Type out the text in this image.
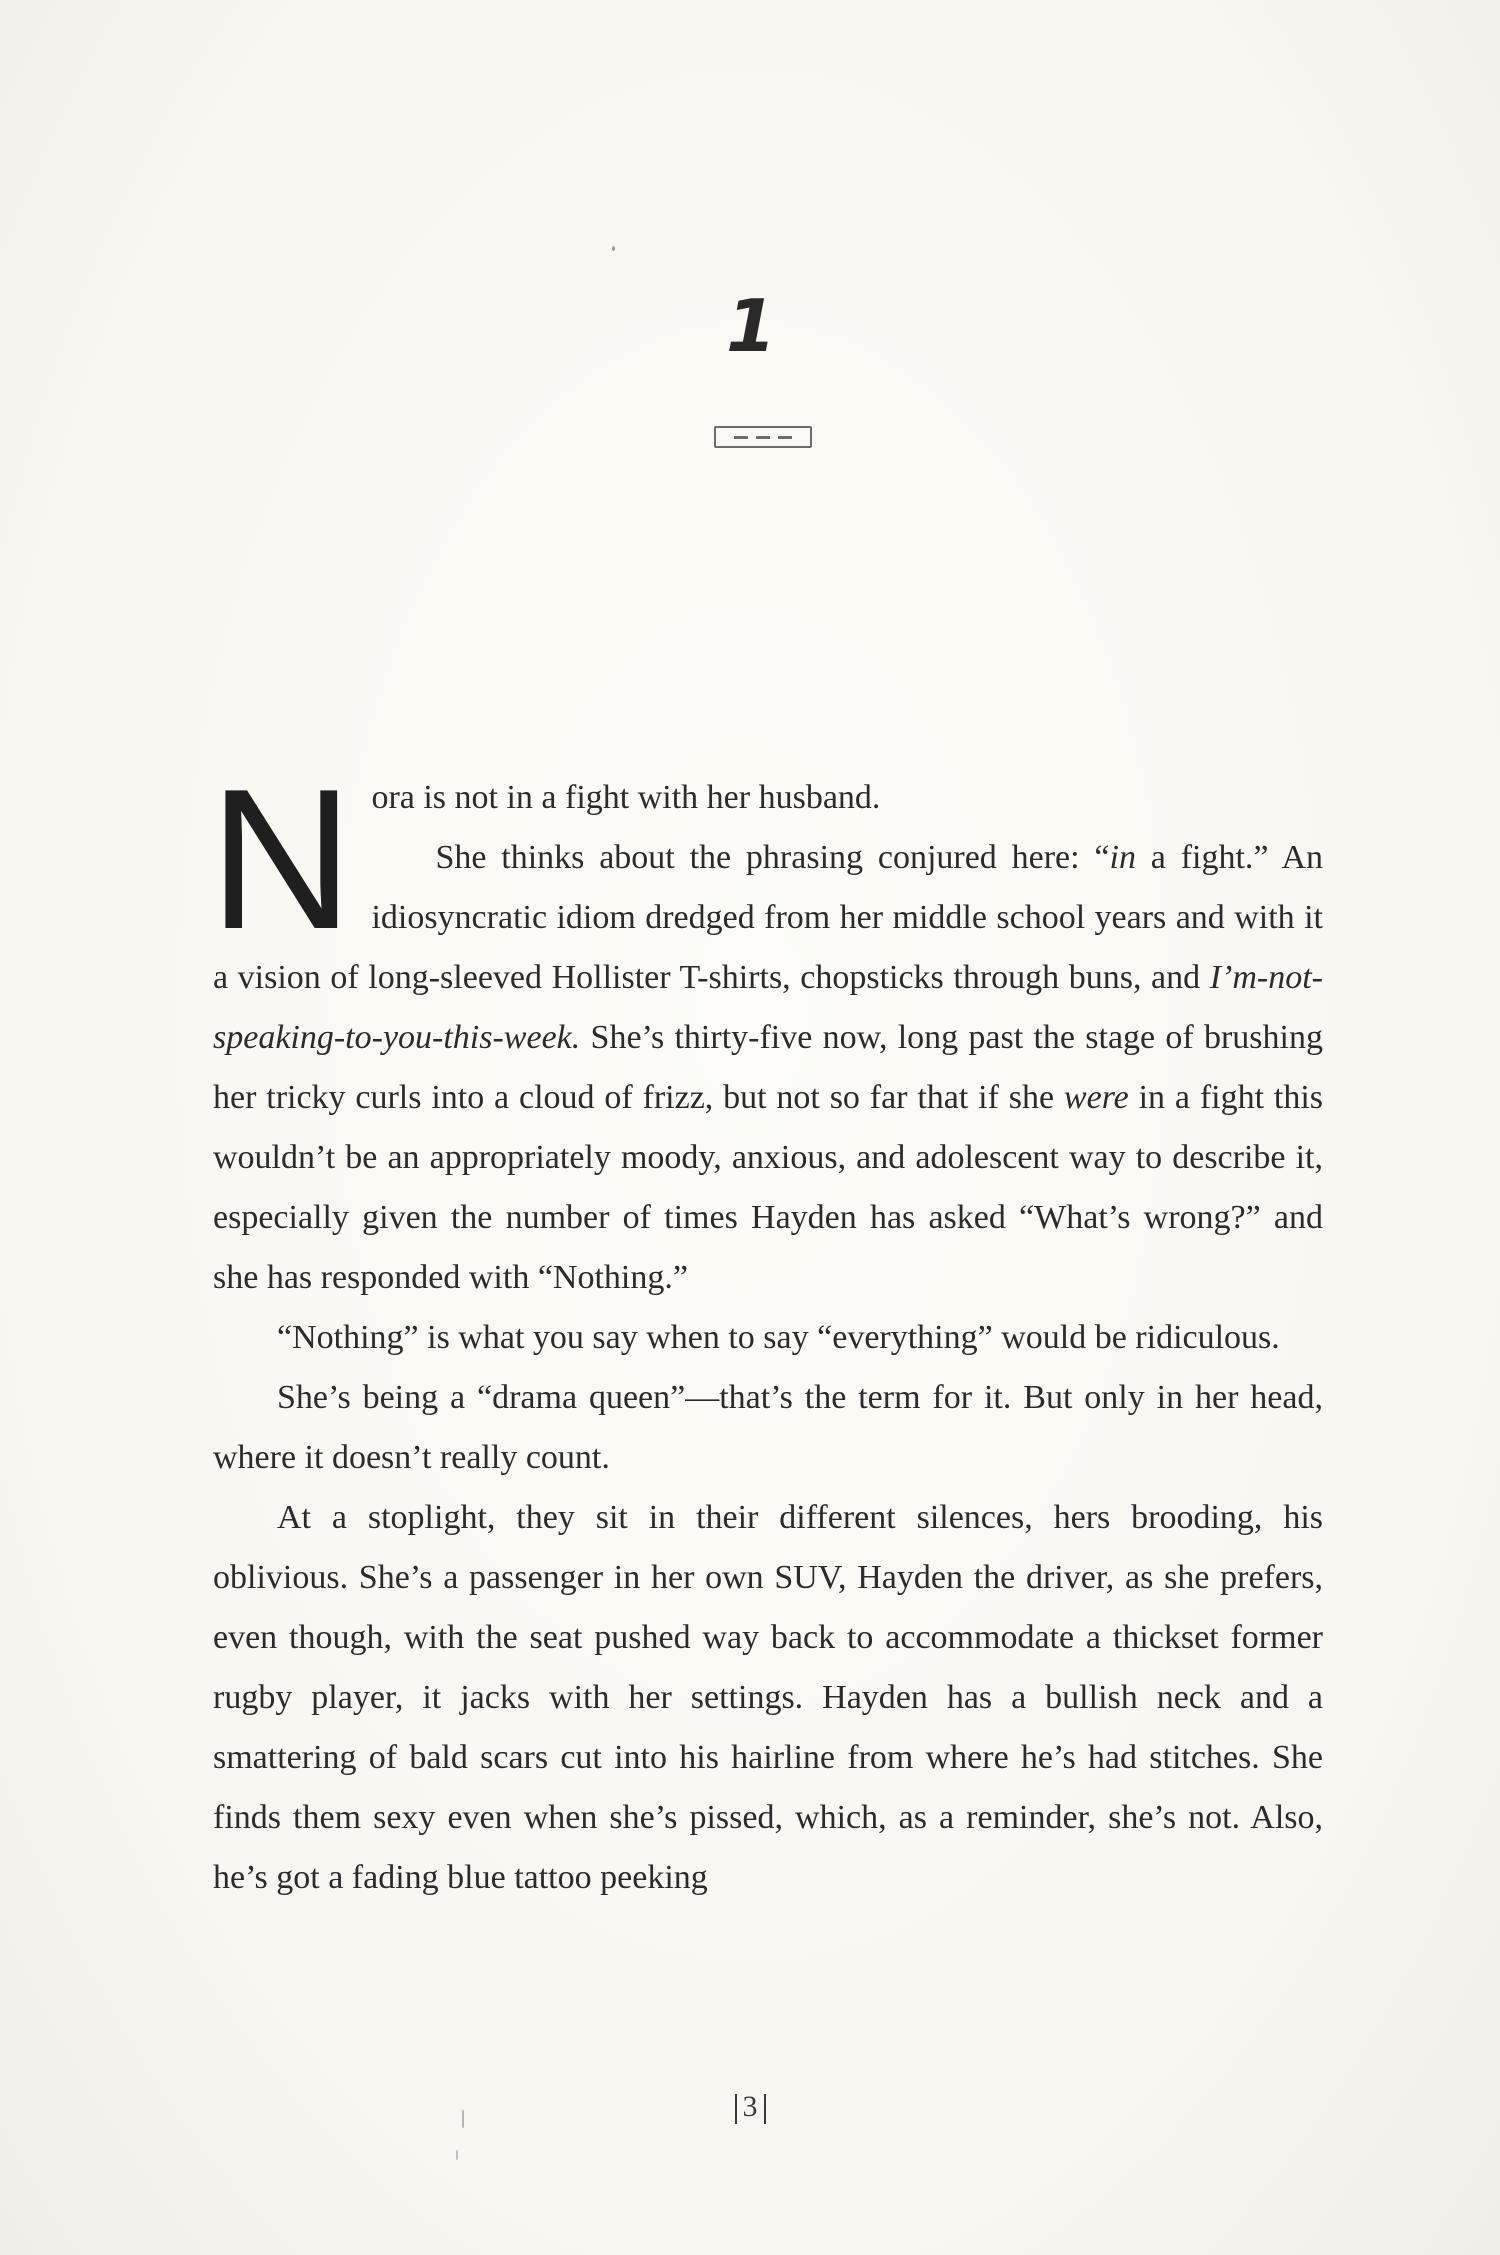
1

Nora is not in a fight with her husband.

She thinks about the phrasing conjured here: “in a fight.” An idiosyncratic idiom dredged from her middle school years and with it a vision of long-sleeved Hollister T-shirts, chopsticks through buns, and I’m-not-speaking-to-you-this-week. She’s thirty-five now, long past the stage of brushing her tricky curls into a cloud of frizz, but not so far that if she were in a fight this wouldn’t be an appropriately moody, anxious, and adolescent way to describe it, especially given the number of times Hayden has asked “What’s wrong?” and she has responded with “Nothing.”

“Nothing” is what you say when to say “everything” would be ridiculous.

She’s being a “drama queen”—that’s the term for it. But only in her head, where it doesn’t really count.

At a stoplight, they sit in their different silences, hers brooding, his oblivious. She’s a passenger in her own SUV, Hayden the driver, as she prefers, even though, with the seat pushed way back to accommodate a thickset former rugby player, it jacks with her settings. Hayden has a bullish neck and a smattering of bald scars cut into his hairline from where he’s had stitches. She finds them sexy even when she’s pissed, which, as a reminder, she’s not. Also, he’s got a fading blue tattoo peeking

3
